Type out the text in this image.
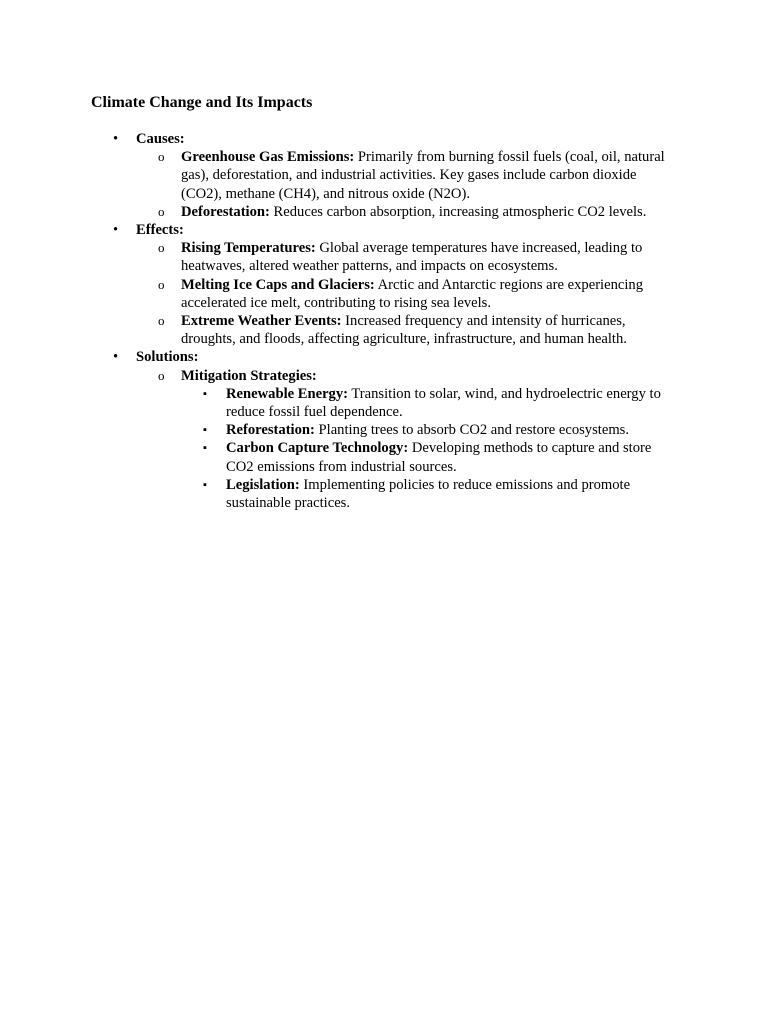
Climate Change and Its Impacts
• Causes:
o Greenhouse Gas Emissions: Primarily from burning fossil fuels (coal, oil, natural gas), deforestation, and industrial activities. Key gases include carbon dioxide (CO2), methane (CH4), and nitrous oxide (N2O).
o Deforestation: Reduces carbon absorption, increasing atmospheric CO2 levels.
• Effects:
o Rising Temperatures: Global average temperatures have increased, leading to heatwaves, altered weather patterns, and impacts on ecosystems.
o Melting Ice Caps and Glaciers: Arctic and Antarctic regions are experiencing accelerated ice melt, contributing to rising sea levels.
o Extreme Weather Events: Increased frequency and intensity of hurricanes, droughts, and floods, affecting agriculture, infrastructure, and human health.
• Solutions:
o Mitigation Strategies:
▪ Renewable Energy: Transition to solar, wind, and hydroelectric energy to reduce fossil fuel dependence.
▪ Reforestation: Planting trees to absorb CO2 and restore ecosystems.
▪ Carbon Capture Technology: Developing methods to capture and store CO2 emissions from industrial sources.
▪ Legislation: Implementing policies to reduce emissions and promote sustainable practices.
